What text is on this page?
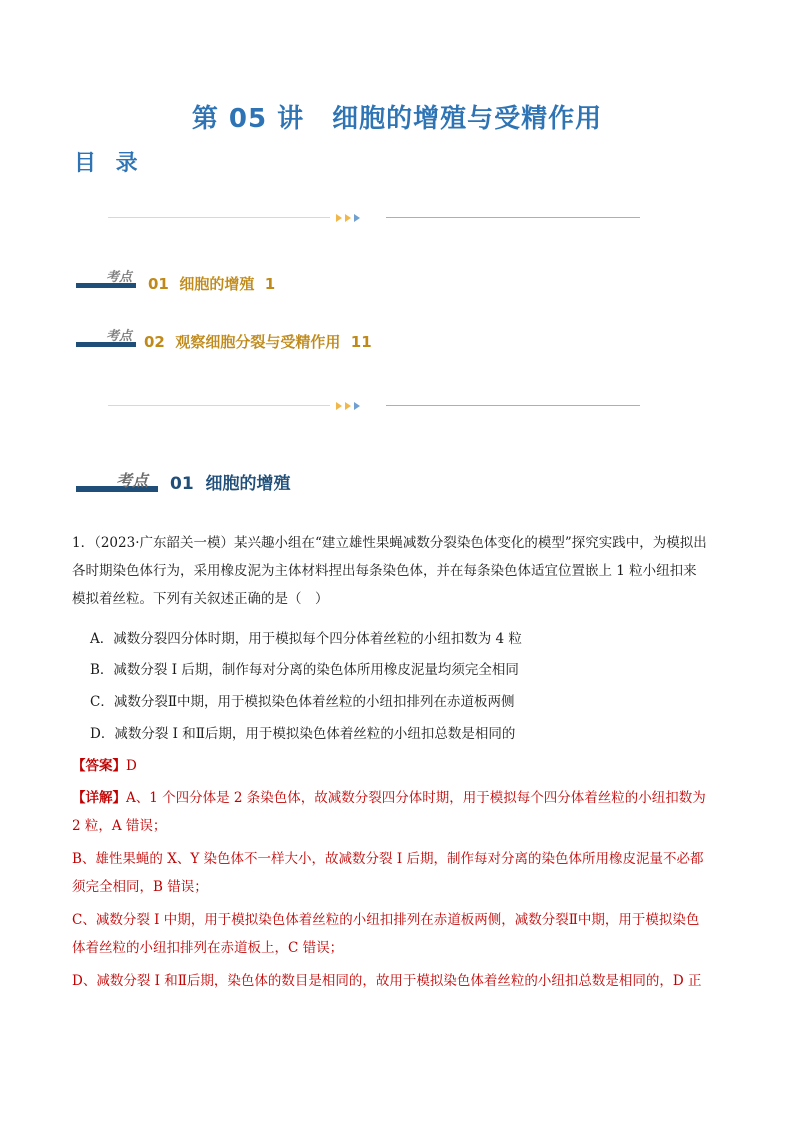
第 05 讲 细胞的增殖与受精作用
目 录
考点 01 细胞的增殖 1
考点 02 观察细胞分裂与受精作用 11
考点 01 细胞的增殖
1．（2023·广东韶关一模）某兴趣小组在“建立雄性果蝇减数分裂染色体变化的模型”探究实践中，为模拟出
各时期染色体行为，采用橡皮泥为主体材料捏出每条染色体，并在每条染色体适宜位置嵌上 1 粒小纽扣来
模拟着丝粒。下列有关叙述正确的是（　）
A．减数分裂四分体时期，用于模拟每个四分体着丝粒的小纽扣数为 4 粒
B．减数分裂 I 后期，制作每对分离的染色体所用橡皮泥量均须完全相同
C．减数分裂Ⅱ中期，用于模拟染色体着丝粒的小纽扣排列在赤道板两侧
D．减数分裂 I 和Ⅱ后期，用于模拟染色体着丝粒的小纽扣总数是相同的
【答案】D
【详解】A、1 个四分体是 2 条染色体，故减数分裂四分体时期，用于模拟每个四分体着丝粒的小纽扣数为
2 粒，A 错误；
B、雄性果蝇的 X、Y 染色体不一样大小，故减数分裂 I 后期，制作每对分离的染色体所用橡皮泥量不必都
须完全相同，B 错误；
C、减数分裂 I 中期，用于模拟染色体着丝粒的小纽扣排列在赤道板两侧，减数分裂Ⅱ中期，用于模拟染色
体着丝粒的小纽扣排列在赤道板上，C 错误；
D、减数分裂 I 和Ⅱ后期，染色体的数目是相同的，故用于模拟染色体着丝粒的小纽扣总数是相同的，D 正
